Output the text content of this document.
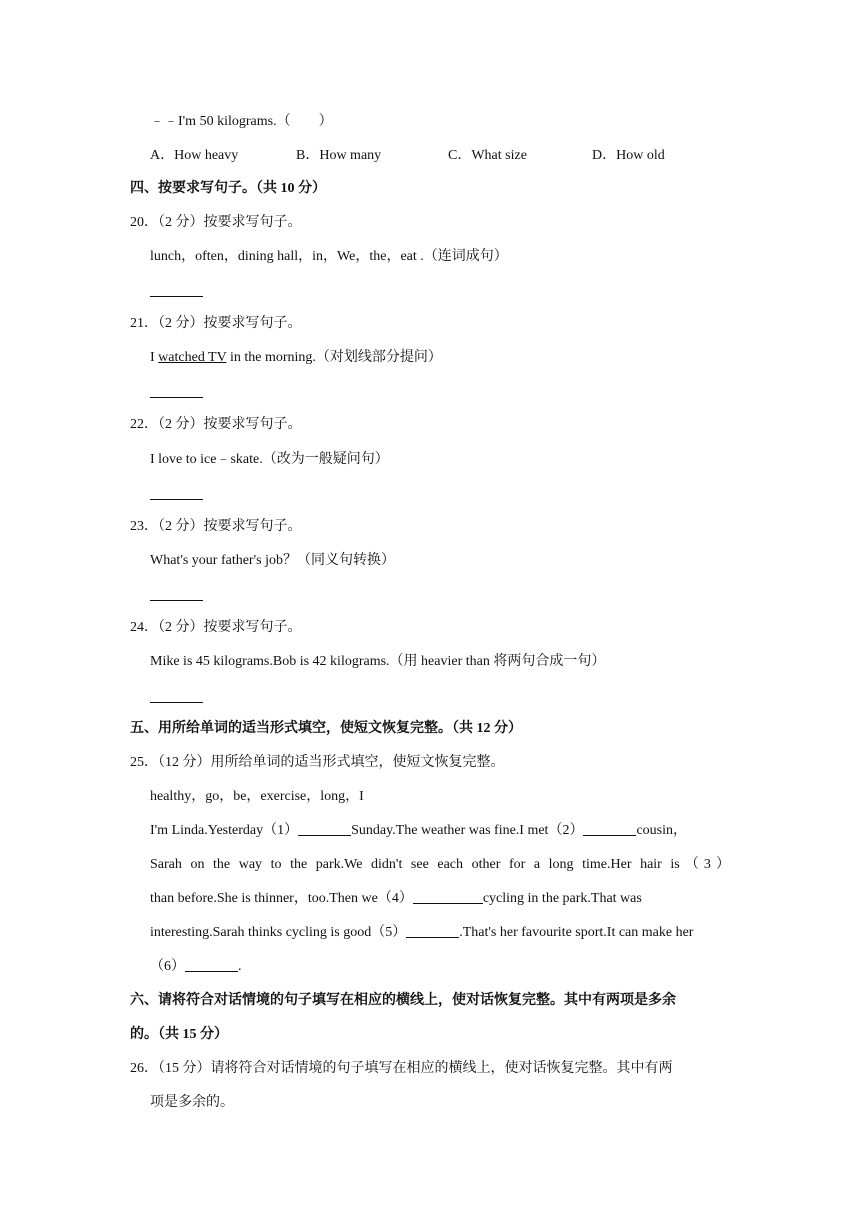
﹣﹣I'm 50 kilograms.（　　）
A．How heavy	B．How many	C．What size	D．How old
四、按要求写句子。（共 10 分）
20．（2 分）按要求写句子。
lunch，often，dining hall，in，We，the，eat .（连词成句）
21．（2 分）按要求写句子。
I watched TV in the morning.（对划线部分提问）
22．（2 分）按要求写句子。
I love to ice﹣skate.（改为一般疑问句）
23．（2 分）按要求写句子。
What's your father's job？（同义句转换）
24．（2 分）按要求写句子。
Mike is 45 kilograms.Bob is 42 kilograms.（用 heavier than 将两句合成一句）
五、用所给单词的适当形式填空，使短文恢复完整。（共 12 分）
25．（12 分）用所给单词的适当形式填空，使短文恢复完整。
healthy，go，be，exercise，long，I
I'm Linda.Yesterday（1）	Sunday.The weather was fine.I met（2）	cousin，
Sarah on the way to the park.We didn't see each other for a long time.Her hair is（3）
than before.She is thinner，too.Then we（4）	cycling in the park.That was
interesting.Sarah thinks cycling is good（5）	.That's her favourite sport.It can make her
（6）	.
六、请将符合对话情境的句子填写在相应的横线上，使对话恢复完整。其中有两项是多余
的。（共 15 分）
26．（15 分）请将符合对话情境的句子填写在相应的横线上，使对话恢复完整。其中有两
项是多余的。
